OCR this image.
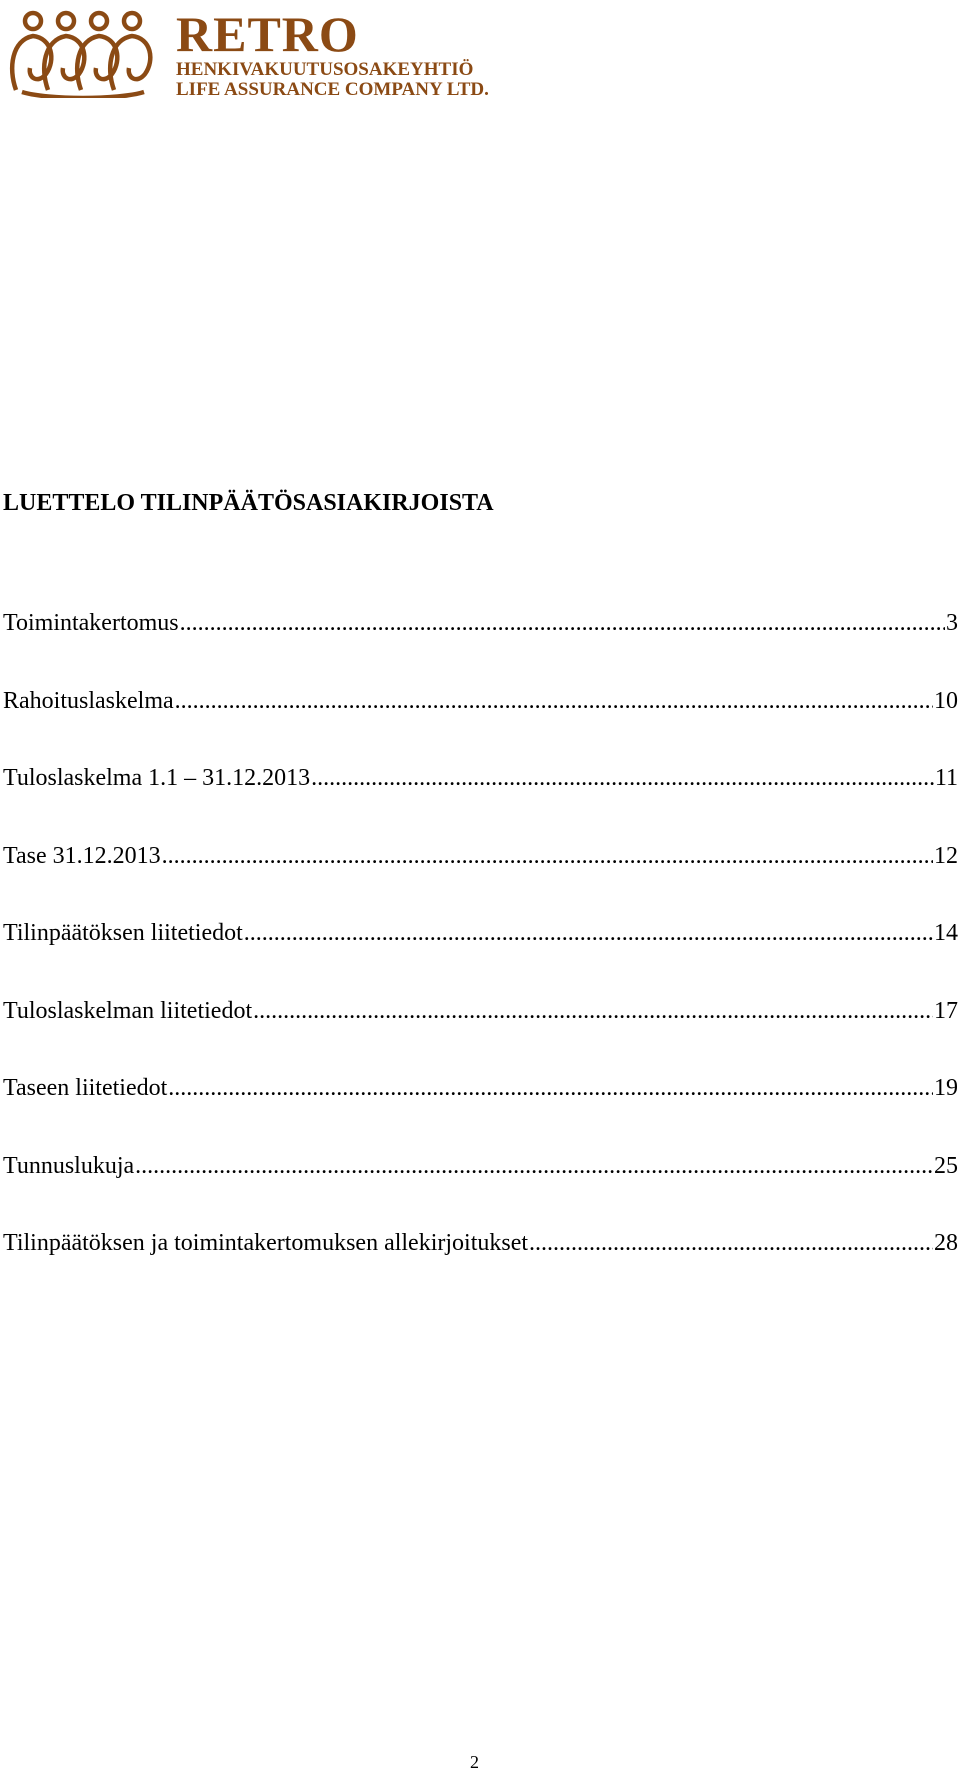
RETRO
HENKIVAKUUTUSOSAKEYHTIÖ
LIFE ASSURANCE COMPANY LTD.
LUETTELO TILINPÄÄTÖSASIAKIRJOISTA
Toimintakertomus .....	3
Rahoituslaskelma .....	10
Tuloslaskelma 1.1 – 31.12.2013 .....	11
Tase 31.12.2013 .....	12
Tilinpäätöksen liitetiedot .....	14
Tuloslaskelman liitetiedot .....	17
Taseen liitetiedot .....	19
Tunnuslukuja .....	25
Tilinpäätöksen ja toimintakertomuksen allekirjoitukset .....	28
2
